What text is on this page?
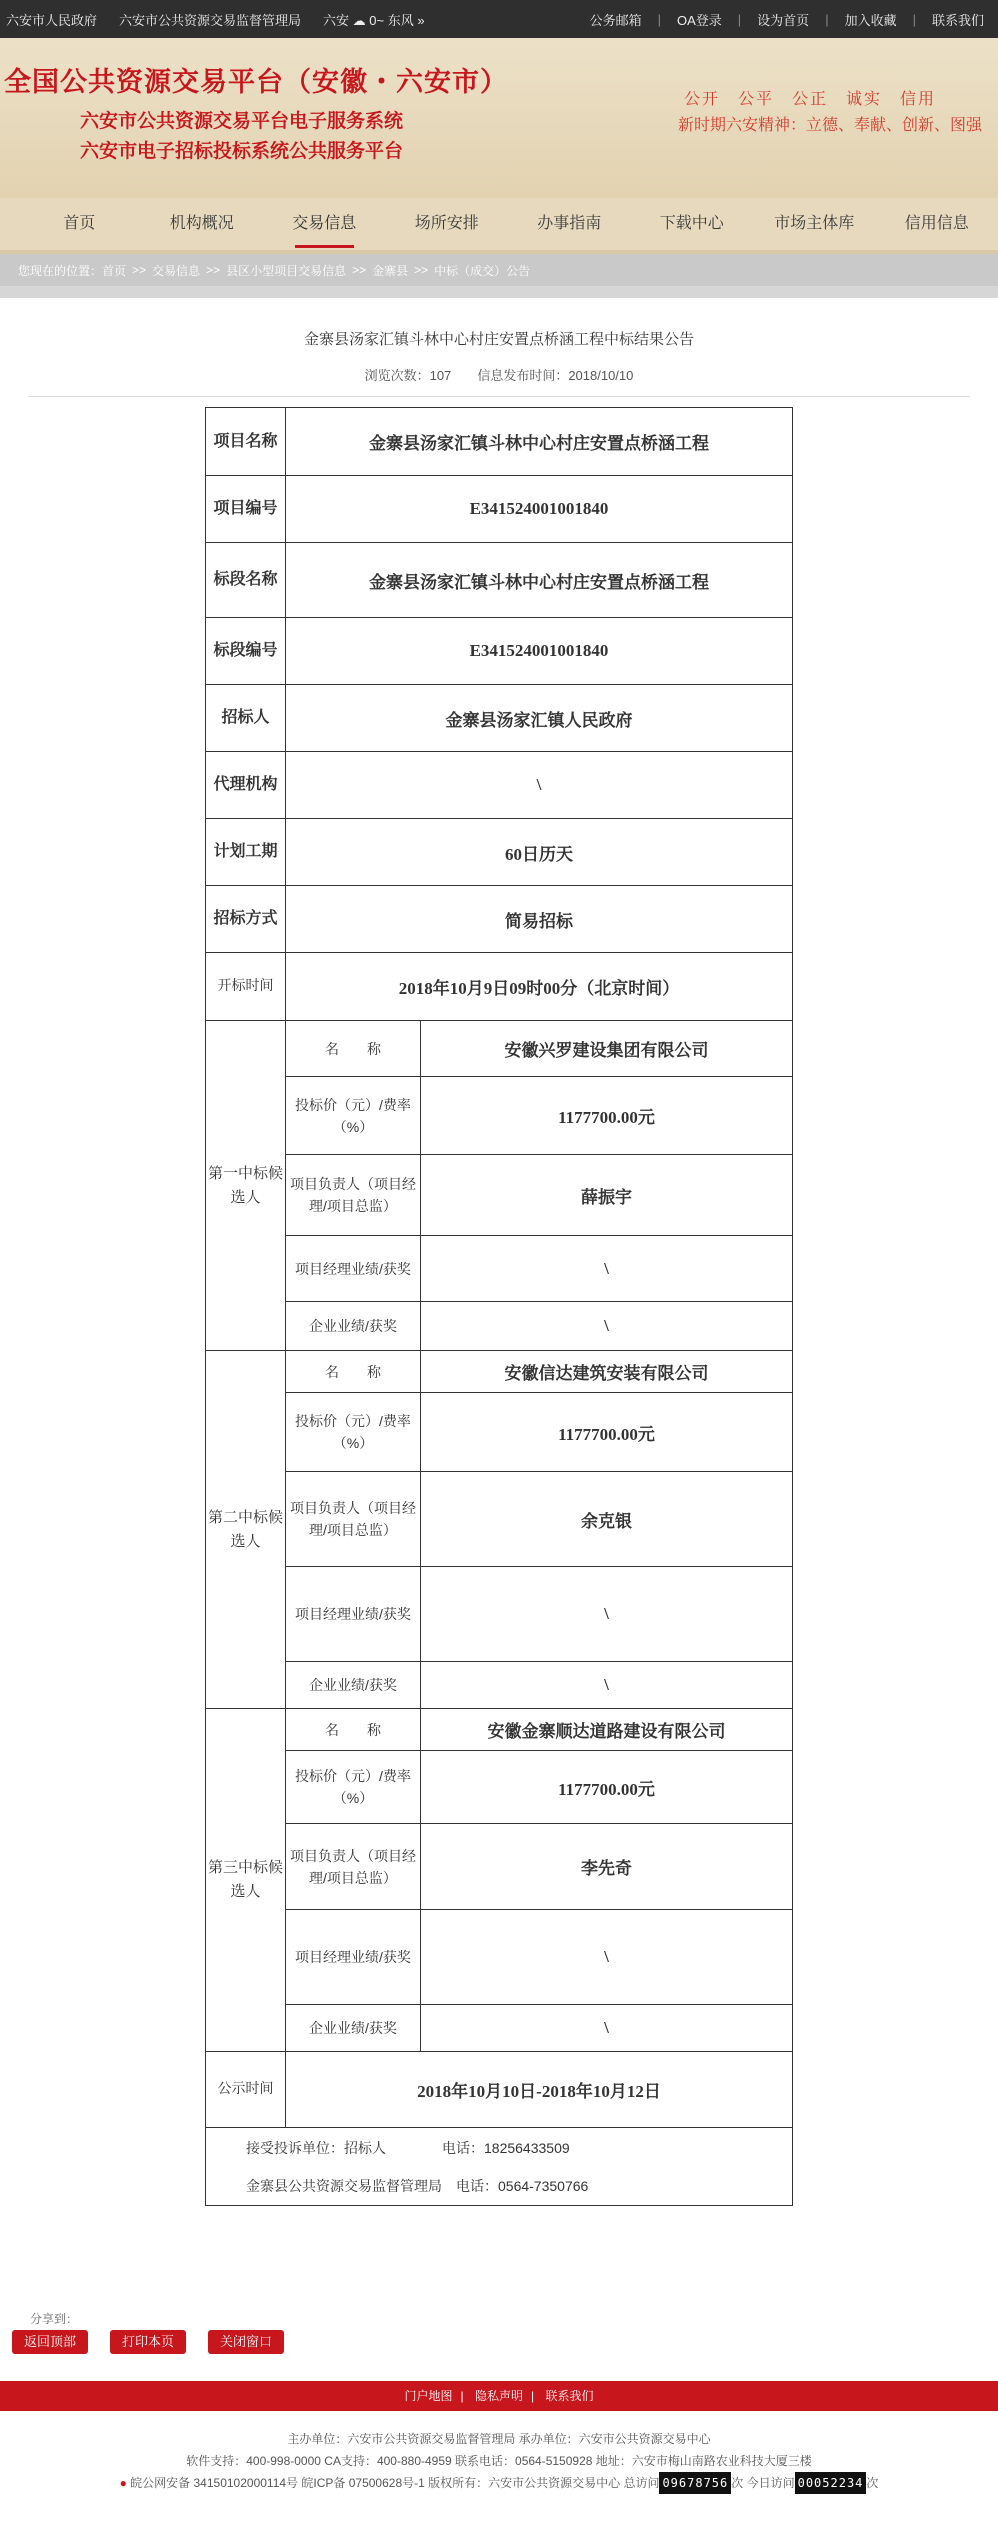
六安市人民政府 六安市公共资源交易监督管理局 六安 ☁ 0~ 东风 »	公务邮箱	|	OA登录	|	设为首页	|	加入收藏	|	联系我们
全国公共资源交易平台（安徽・六安市）
六安市公共资源交易平台电子服务系统
六安市电子招标投标系统公共服务平台
公开　公平　公正　诚实　信用
新时期六安精神：立德、奉献、创新、图强
首页	机构概况	交易信息	场所安排	办事指南	下载中心	市场主体库	信用信息
您现在的位置：首页 >> 交易信息 >> 县区小型项目交易信息 >> 金寨县 >> 中标（成交）公告
金寨县汤家汇镇斗林中心村庄安置点桥涵工程中标结果公告
浏览次数：107　　 信息发布时间：2018/10/10
项目名称	金寨县汤家汇镇斗林中心村庄安置点桥涵工程	
项目编号	E341524001001840	
标段名称	金寨县汤家汇镇斗林中心村庄安置点桥涵工程	
标段编号	E341524001001840	
招标人	金寨县汤家汇镇人民政府	
代理机构	\	
计划工期	60日历天	
招标方式	简易招标	
开标时间	2018年10月9日09时00分（北京时间）	
第一中标候选人	名　　称	安徽兴罗建设集团有限公司
	投标价（元）/费率（%）	1177700.00元
	项目负责人（项目经理/项目总监）	薛振宇
	项目经理业绩/获奖	\
	企业业绩/获奖	\
第二中标候选人	名　　称	安徽信达建筑安装有限公司
	投标价（元）/费率（%）	1177700.00元
	项目负责人（项目经理/项目总监）	余克银
	项目经理业绩/获奖	\
	企业业绩/获奖	\
第三中标候选人	名　　称	安徽金寨顺达道路建设有限公司
	投标价（元）/费率（%）	1177700.00元
	项目负责人（项目经理/项目总监）	李先奇
	项目经理业绩/获奖	\
	企业业绩/获奖	\
公示时间	2018年10月10日-2018年10月12日	

接受投诉单位：招标人　　　　电话：18256433509
金寨县公共资源交易监督管理局　电话：0564-7350766		
分享到：
返回顶部	打印本页	关闭窗口
门户地图 | 隐私声明 | 联系我们
主办单位：六安市公共资源交易监督管理局 承办单位：六安市公共资源交易中心
软件支持：400-998-0000 CA支持：400-880-4959 联系电话：0564-5150928 地址：六安市梅山南路农业科技大厦三楼
● 皖公网安备 34150102000114号 皖ICP备 07500628号-1 版权所有：六安市公共资源交易中心 总访问 09678756 次 今日访问 00052234 次
